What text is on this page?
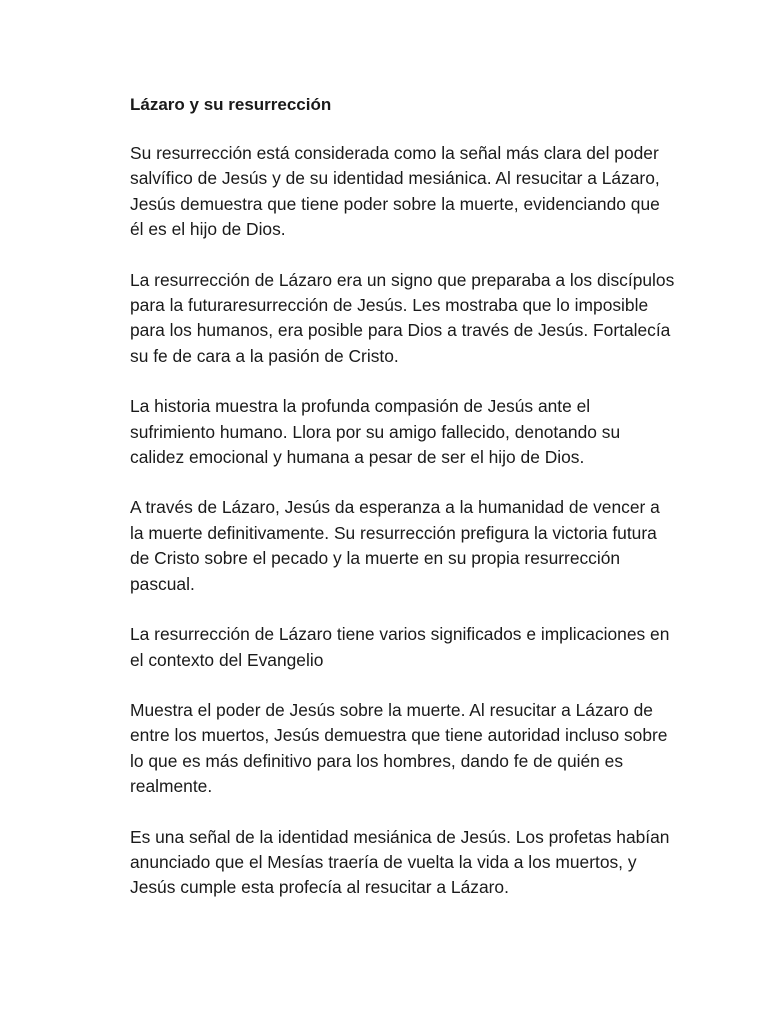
Lázaro y su resurrección

Su resurrección está considerada como la señal más clara del poder salvífico de Jesús y de su identidad mesiánica. Al resucitar a Lázaro, Jesús demuestra que tiene poder sobre la muerte, evidenciando que él es el hijo de Dios.

La resurrección de Lázaro era un signo que preparaba a los discípulos para la futuraresurrección de Jesús. Les mostraba que lo imposible para los humanos, era posible para Dios a través de Jesús. Fortalecía su fe de cara a la pasión de Cristo.

La historia muestra la profunda compasión de Jesús ante el sufrimiento humano. Llora por su amigo fallecido, denotando su calidez emocional y humana a pesar de ser el hijo de Dios.

A través de Lázaro, Jesús da esperanza a la humanidad de vencer a la muerte definitivamente. Su resurrección prefigura la victoria futura de Cristo sobre el pecado y la muerte en su propia resurrección pascual.

La resurrección de Lázaro tiene varios significados e implicaciones en el contexto del Evangelio

Muestra el poder de Jesús sobre la muerte. Al resucitar a Lázaro de entre los muertos, Jesús demuestra que tiene autoridad incluso sobre lo que es más definitivo para los hombres, dando fe de quién es realmente.

Es una señal de la identidad mesiánica de Jesús. Los profetas habían anunciado que el Mesías traería de vuelta la vida a los muertos, y Jesús cumple esta profecía al resucitar a Lázaro.
